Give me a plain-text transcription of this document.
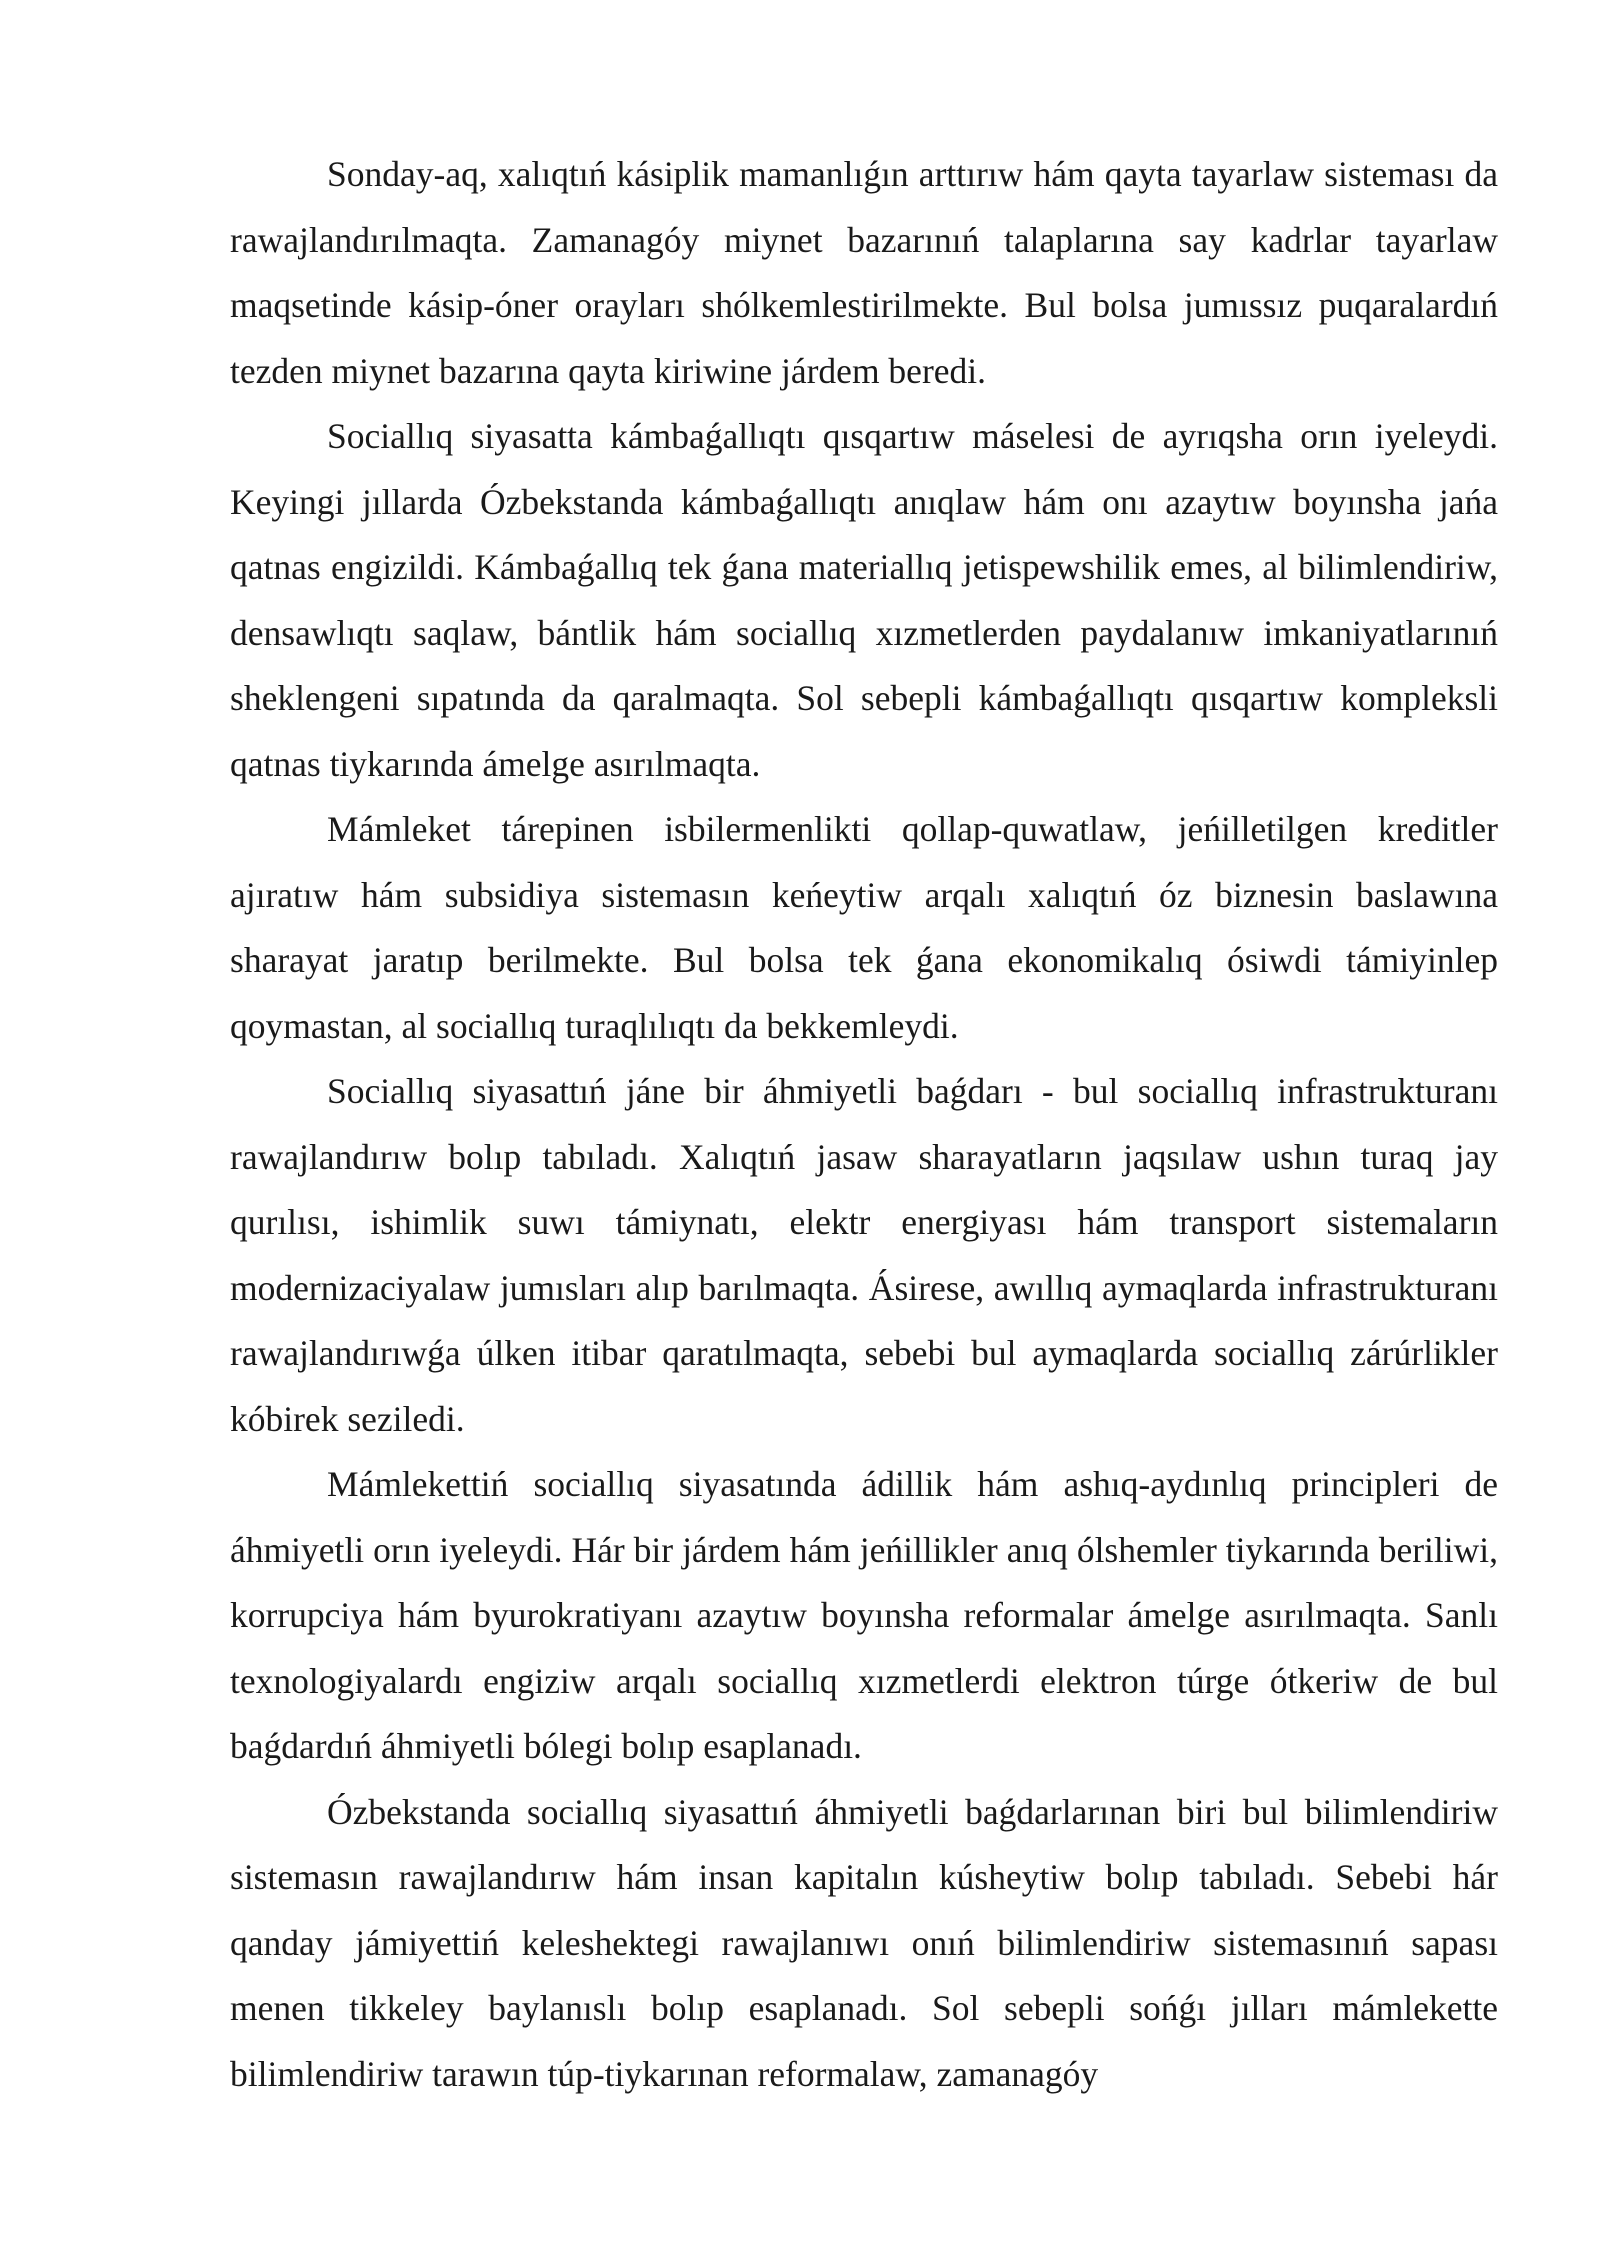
Sonday-aq, xalıqtıń kásiplik mamanlıǵın arttırıw hám qayta tayarlaw sisteması da rawajlandırılmaqta. Zamanagóy miynet bazarınıń talaplarına say kadrlar tayarlaw maqsetinde kásip-óner orayları shólkemlestirilmekte. Bul bolsa jumıssız puqaralardıń tezden miynet bazarına qayta kiriwine járdem beredi.

Sociallıq siyasatta kámbaǵallıqtı qısqartıw máselesi de ayrıqsha orın iyeleydi. Keyingi jıllarda Ózbekstanda kámbaǵallıqtı anıqlaw hám onı azaytıw boyınsha jańa qatnas engizildi. Kámbaǵallıq tek ǵana materiallıq jetispewshilik emes, al bilimlendiriw, densawlıqtı saqlaw, bántlik hám sociallıq xızmetlerden paydalanıw imkaniyatlarınıń sheklengeni sıpatında da qaralmaqta. Sol sebepli kámbaǵallıqtı qısqartıw kompleksli qatnas tiykarında ámelge asırılmaqta.

Mámleket tárepinen isbilermenlikti qollap-quwatlaw, jeńilletilgen kreditler ajıratıw hám subsidiya sistemasın keńeytiw arqalı xalıqtıń óz biznesin baslawına sharayat jaratıp berilmekte. Bul bolsa tek ǵana ekonomikalıq ósiwdi támiyinlep qoymastan, al sociallıq turaqlılıqtı da bekkemleydi.

Sociallıq siyasattıń jáne bir áhmiyetli baǵdarı - bul sociallıq infrastrukturanı rawajlandırıw bolıp tabıladı. Xalıqtıń jasaw sharayatların jaqsılaw ushın turaq jay qurılısı, ishimlik suwı támiynatı, elektr energiyası hám transport sistemaların modernizaciyalaw jumısları alıp barılmaqta. Ásirese, awıllıq aymaqlarda infrastrukturanı rawajlandırıwǵa úlken itibar qaratılmaqta, sebebi bul aymaqlarda sociallıq zárúrlikler kóbirek seziledi.

Mámlekettiń sociallıq siyasatında ádillik hám ashıq-aydınlıq principleri de áhmiyetli orın iyeleydi. Hár bir járdem hám jeńillikler anıq ólshemler tiykarında beriliwi, korrupciya hám byurokratiyanı azaytıw boyınsha reformalar ámelge asırılmaqta. Sanlı texnologiyalardı engiziw arqalı sociallıq xızmetlerdi elektron túrge ótkeriw de bul baǵdardıń áhmiyetli bólegi bolıp esaplanadı.

Ózbekstanda sociallıq siyasattıń áhmiyetli baǵdarlarınan biri bul bilimlendiriw sistemasın rawajlandırıw hám insan kapitalın kúsheytiw bolıp tabıladı. Sebebi hár qanday jámiyettiń keleshektegi rawajlanıwı onıń bilimlendiriw sistemasınıń sapası menen tikkeley baylanıslı bolıp esaplanadı. Sol sebepli sońǵı jılları mámlekette bilimlendiriw tarawın túp-tiykarınan reformalaw, zamanagóy
